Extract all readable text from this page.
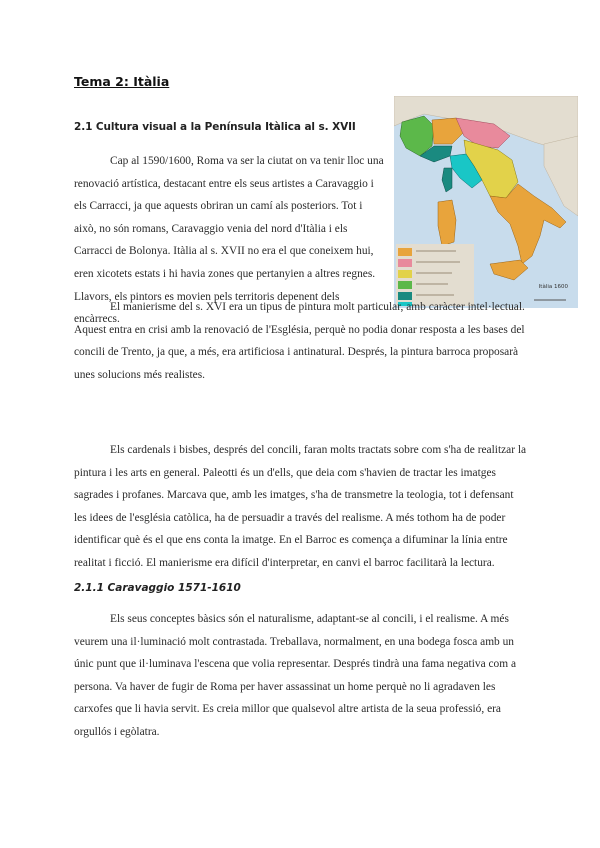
Tema 2: Itàlia
2.1 Cultura visual a la Península Itàlica al s. XVII

Cap al 1590/1600, Roma va ser la ciutat on va tenir lloc una renovació artística, destacant entre els seus artistes a Caravaggio i els Carracci, ja que aquests obriran un camí als posteriors. Tot i això, no són romans, Caravaggio venia del nord d'Itàlia i els Carracci de Bolonya. Itàlia al s. XVII no era el que coneixem hui, eren xicotets estats i hi havia zones que pertanyien a altres regnes. Llavors, els pintors es movien pels territoris depenent dels encàrrecs.

Itàlia 1600

El manierisme del s. XVI era un tipus de pintura molt particular, amb caràcter intel·lectual. Aquest entra en crisi amb la renovació de l'Església, perquè no podia donar resposta a les bases del concili de Trento, ja que, a més, era artificiosa i antinatural. Després, la pintura barroca proposarà unes solucions més realistes.

Els cardenals i bisbes, després del concili, faran molts tractats sobre com s'ha de realitzar la pintura i les arts en general. Paleotti és un d'ells, que deia com s'havien de tractar les imatges sagrades i profanes. Marcava que, amb les imatges, s'ha de transmetre la teologia, tot i defensant les idees de l'església catòlica, ha de persuadir a través del realisme. A més tothom ha de poder identificar què és el que ens conta la imatge. En el Barroc es comença a difuminar la línia entre realitat i ficció. El manierisme era difícil d'interpretar, en canvi el barroc facilitarà la lectura.

2.1.1 Caravaggio 1571-1610

Els seus conceptes bàsics són el naturalisme, adaptant-se al concili, i el realisme. A més veurem una il·luminació molt contrastada. Treballava, normalment, en una bodega fosca amb un únic punt que il·luminava l'escena que volia representar. Després tindrà una fama negativa com a persona. Va haver de fugir de Roma per haver assassinat un home perquè no li agradaven les carxofes que li havia servit. Es creia millor que qualsevol altre artista de la seua professió, era orgullós i egòlatra.
